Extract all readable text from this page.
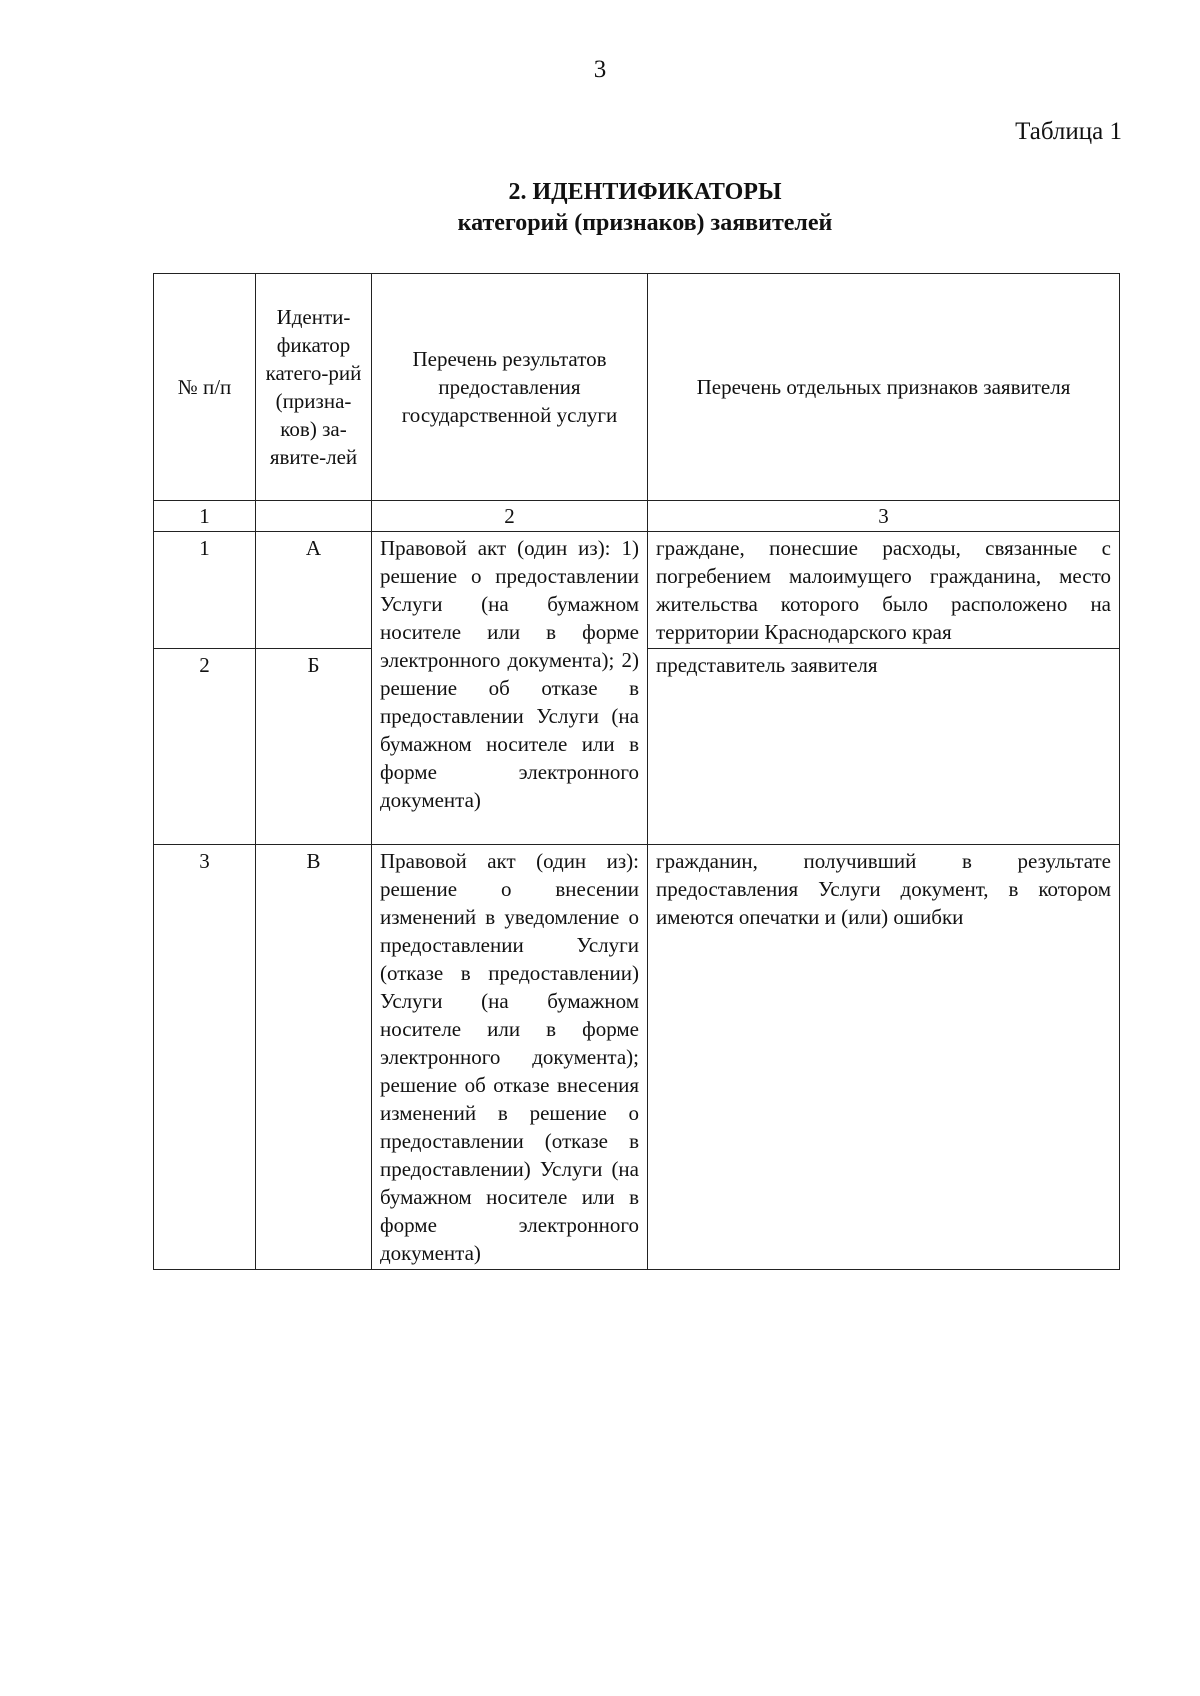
3
Таблица 1
2. ИДЕНТИФИКАТОРЫ
категорий (признаков) заявителей
№ п/п	Иденти-фикатор катего-рий (призна-ков) за-явите-лей	Перечень результатов предоставления государственной услуги	Перечень отдельных признаков заявителя
1		2	3
1	А	Правовой акт (один из): 1) решение о предоставлении Услуги (на бумажном носителе или в форме электронного документа); 2) решение об отказе в предоставлении Услуги (на бумажном носителе или в форме электронного документа)	граждане, понесшие расходы, связанные с погребением малоимущего гражданина, место жительства которого было расположено на территории Краснодарского края
2	Б		представитель заявителя
3	В	Правовой акт (один из): решение о внесении изменений в уведомление о предоставлении Услуги (отказе в предоставлении) Услуги (на бумажном носителе или в форме электронного документа); решение об отказе внесения изменений в решение о предоставлении (отказе в предоставлении) Услуги (на бумажном носителе или в форме электронного документа)	гражданин, получивший в результате предоставления Услуги документ, в котором имеются опечатки и (или) ошибки
